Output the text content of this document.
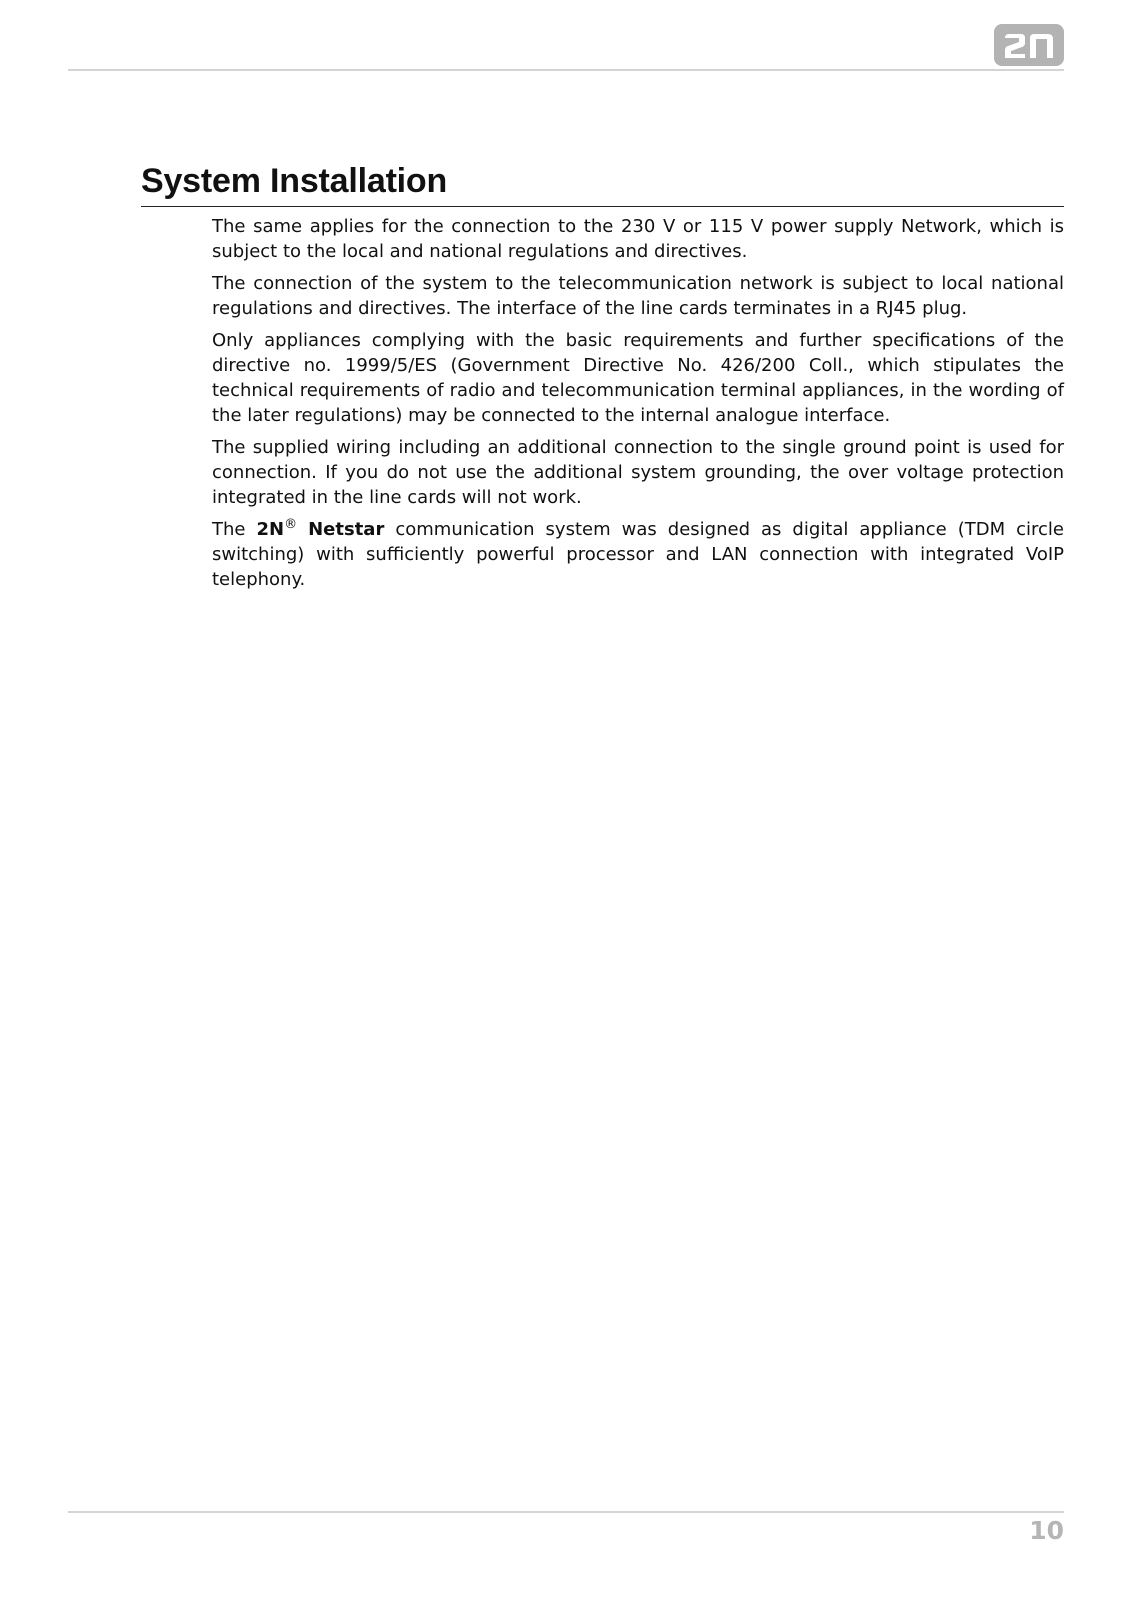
System Installation

The same applies for the connection to the 230 V or 115 V power supply Network, which is subject to the local and national regulations and directives.

The connection of the system to the telecommunication network is subject to local national regulations and directives. The interface of the line cards terminates in a RJ45 plug.

Only appliances complying with the basic requirements and further specifications of the directive no. 1999/5/ES (Government Directive No. 426/200 Coll., which stipulates the technical requirements of radio and telecommunication terminal appliances, in the wording of the later regulations) may be connected to the internal analogue interface.

The supplied wiring including an additional connection to the single ground point is used for connection. If you do not use the additional system grounding, the over voltage protection integrated in the line cards will not work.

The 2N® Netstar communication system was designed as digital appliance (TDM circle switching) with sufficiently powerful processor and LAN connection with integrated VoIP telephony.

10
